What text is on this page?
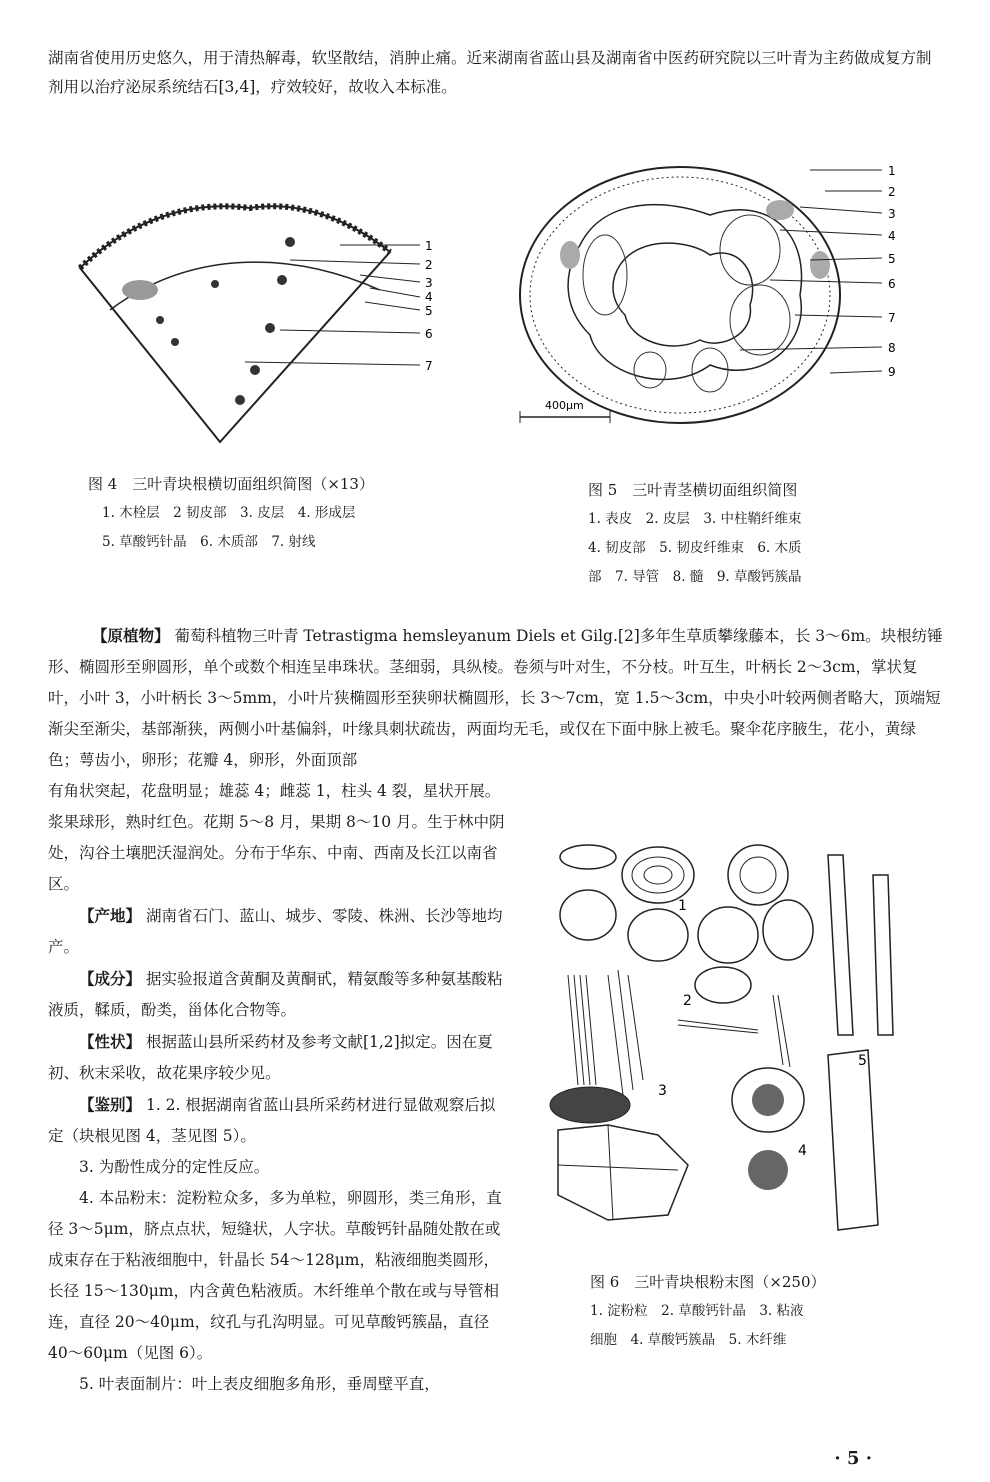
湖南省使用历史悠久，用于清热解毒，软坚散结，消肿止痛。近来湖南省蓝山县及湖南省中医药研究院以三叶青为主药做成复方制剂用以治疗泌尿系统结石[3,4]，疗效较好，故收入本标准。
1
2
3
4
5
6
7
图 4　三叶青块根横切面组织简图（×13）
1. 木栓层　2 韧皮部　3. 皮层　4. 形成层
5. 草酸钙针晶　6. 木质部　7. 射线
400μm
1
2
3
4
5
6
7
8
9
图 5　三叶青茎横切面组织简图
1. 表皮　2. 皮层　3. 中柱鞘纤维束
4. 韧皮部　5. 韧皮纤维束　6. 木质
部　7. 导管　8. 髓　9. 草酸钙簇晶
【原植物】 葡萄科植物三叶青 Tetrastigma hemsleyanum Diels et Gilg.[2]多年生草质攀缘藤本，长 3～6m。块根纺锤形、椭圆形至卵圆形，单个或数个相连呈串珠状。茎细弱，具纵棱。卷须与叶对生，不分枝。叶互生，叶柄长 2～3cm，掌状复叶，小叶 3，小叶柄长 3～5mm，小叶片狭椭圆形至狭卵状椭圆形，长 3～7cm，宽 1.5～3cm，中央小叶较两侧者略大，顶端短渐尖至渐尖，基部渐狭，两侧小叶基偏斜，叶缘具刺状疏齿，两面均无毛，或仅在下面中脉上被毛。聚伞花序腋生，花小，黄绿色；萼齿小，卵形；花瓣 4，卵形，外面顶部
有角状突起，花盘明显；雄蕊 4；雌蕊 1，柱头 4 裂，星状开展。浆果球形，熟时红色。花期 5～8 月，果期 8～10 月。生于林中阴处，沟谷土壤肥沃湿润处。分布于华东、中南、西南及长江以南省区。
【产地】 湖南省石门、蓝山、城步、零陵、株洲、长沙等地均产。
【成分】 据实验报道含黄酮及黄酮甙，精氨酸等多种氨基酸粘液质，鞣质，酚类，甾体化合物等。
【性状】 根据蓝山县所采药材及参考文献[1,2]拟定。因在夏初、秋末采收，故花果序较少见。
【鉴别】 1. 2. 根据湖南省蓝山县所采药材进行显做观察后拟定（块根见图 4，茎见图 5）。
3. 为酚性成分的定性反应。
4. 本品粉末：淀粉粒众多，多为单粒，卵圆形，类三角形，直径 3～5μm，脐点点状，短缝状，人字状。草酸钙针晶随处散在或成束存在于粘液细胞中，针晶长 54～128μm，粘液细胞类圆形，长径 15～130μm，内含黄色粘液质。木纤维单个散在或与导管相连，直径 20～40μm，纹孔与孔沟明显。可见草酸钙簇晶，直径 40～60μm（见图 6）。
5. 叶表面制片：叶上表皮细胞多角形，垂周壁平直，
1
2
3
4
5
图 6　三叶青块根粉末图（×250）
1. 淀粉粒　2. 草酸钙针晶　3. 粘液
细胞　4. 草酸钙簇晶　5. 木纤维
· 5 ·
